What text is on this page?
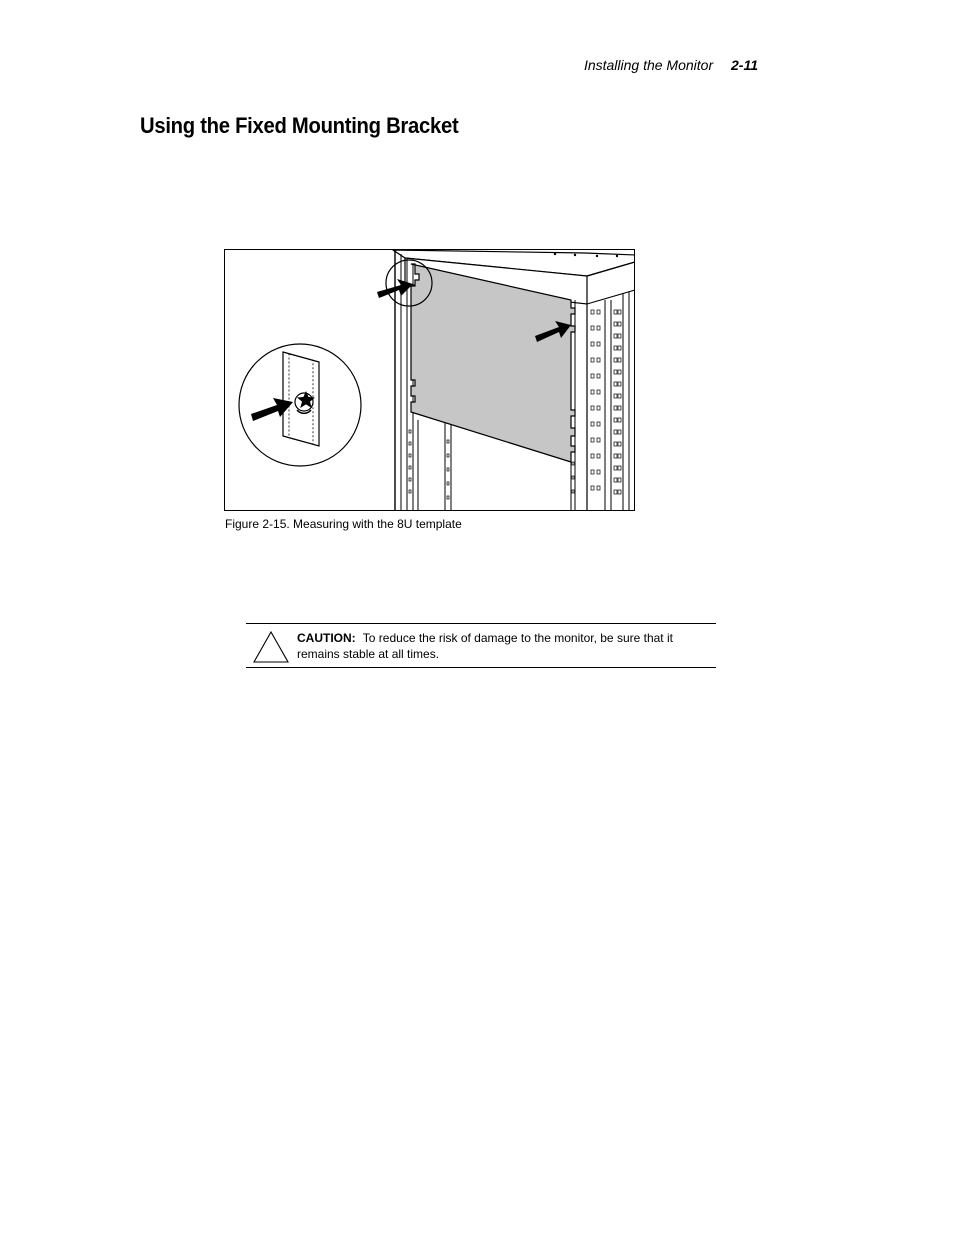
Installing the Monitor 2-11
Using the Fixed Mounting Bracket
Figure 2-15. Measuring with the 8U template
CAUTION: To reduce the risk of damage to the monitor, be sure that it remains stable at all times.
